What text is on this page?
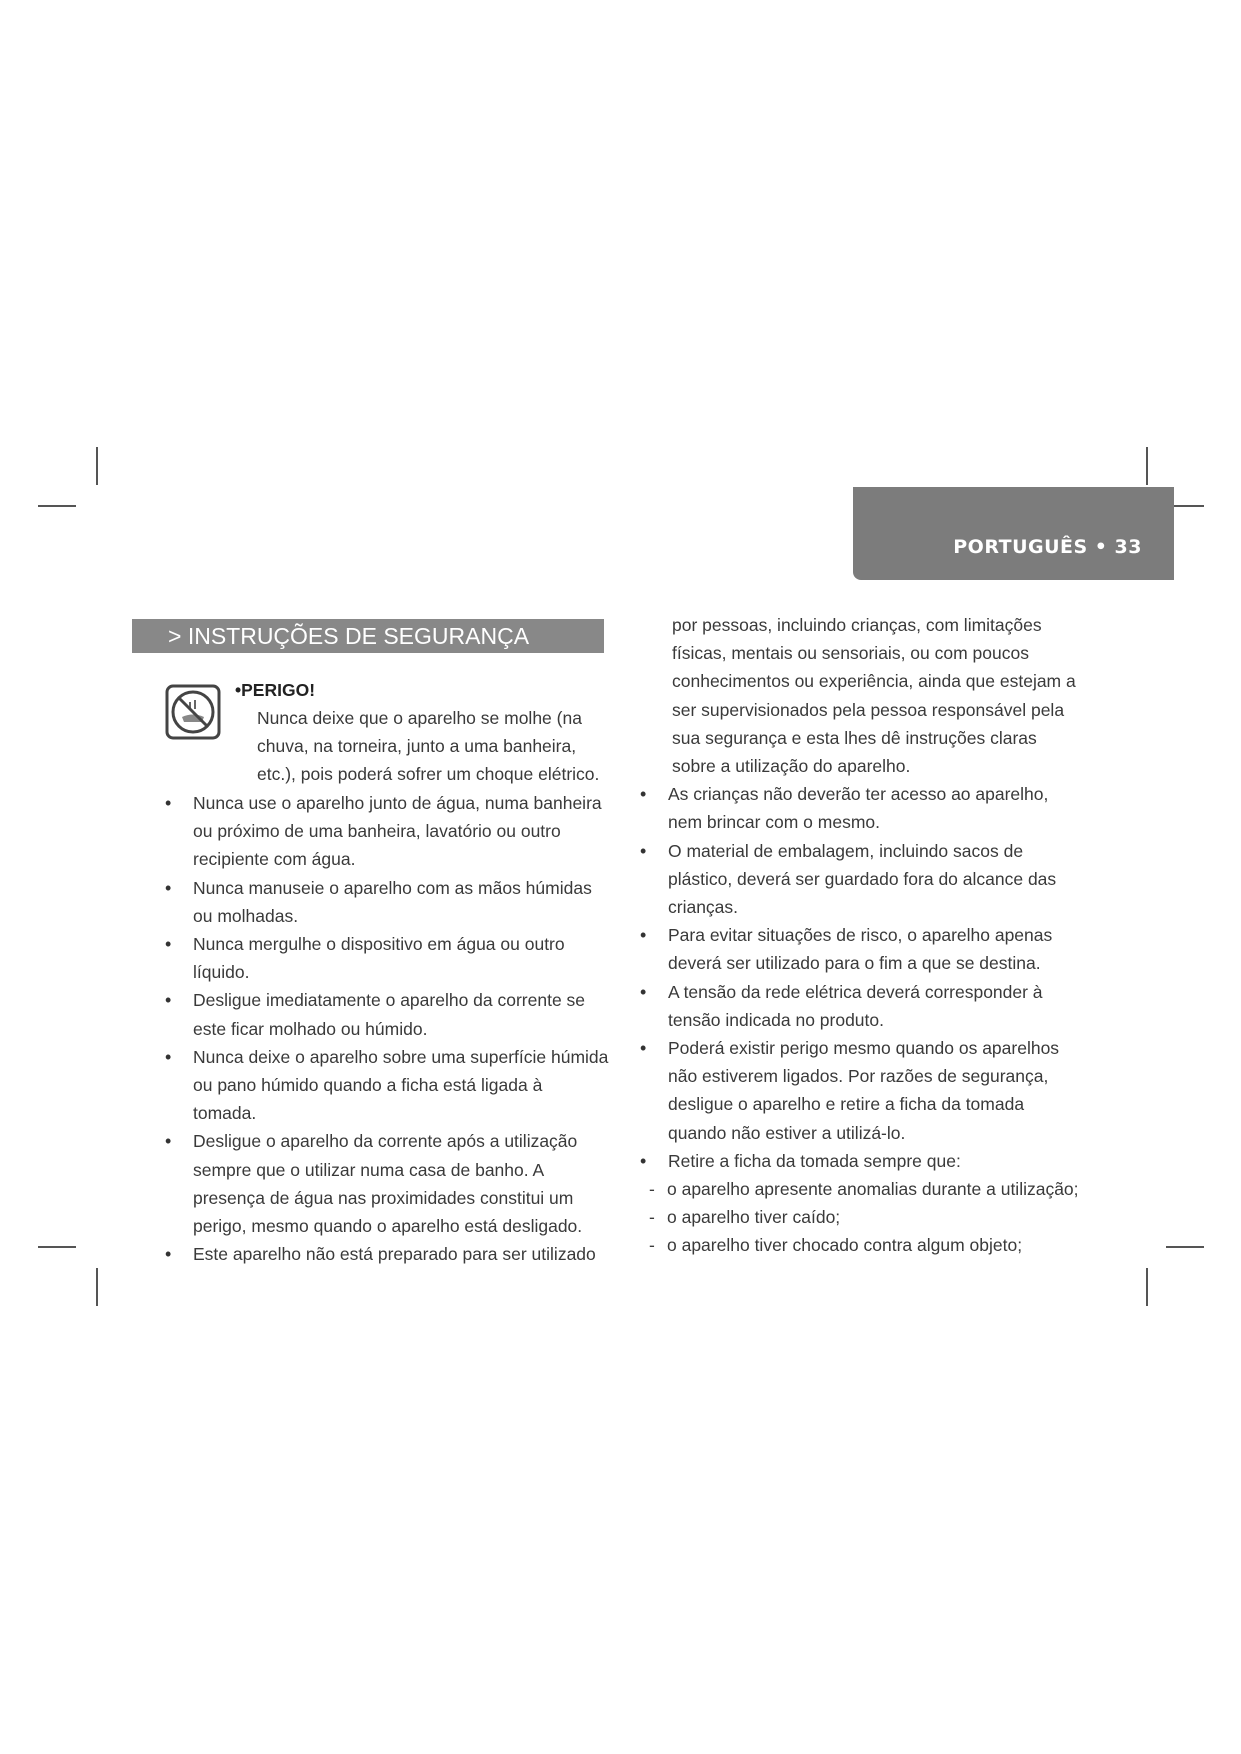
PORTUGUÊS • 33
> INSTRUÇÕES DE SEGURANÇA
•PERIGO!
Nunca deixe que o aparelho se molhe (na chuva, na torneira, junto a uma banheira, etc.), pois poderá sofrer um choque elétrico.
• Nunca use o aparelho junto de água, numa banheira ou próximo de uma banheira, lavatório ou outro recipiente com água.
• Nunca manuseie o aparelho com as mãos húmidas ou molhadas.
• Nunca mergulhe o dispositivo em água ou outro líquido.
• Desligue imediatamente o aparelho da corrente se este ficar molhado ou húmido.
• Nunca deixe o aparelho sobre uma superfície húmida ou pano húmido quando a ficha está ligada à tomada.
• Desligue o aparelho da corrente após a utilização sempre que o utilizar numa casa de banho. A presença de água nas proximidades constitui um perigo, mesmo quando o aparelho está desligado.
• Este aparelho não está preparado para ser utilizado
por pessoas, incluindo crianças, com limitações físicas, mentais ou sensoriais, ou com poucos conhecimentos ou experiência, ainda que estejam a ser supervisionados pela pessoa responsável pela sua segurança e esta lhes dê instruções claras sobre a utilização do aparelho.
• As crianças não deverão ter acesso ao aparelho, nem brincar com o mesmo.
• O material de embalagem, incluindo sacos de plástico, deverá ser guardado fora do alcance das crianças.
• Para evitar situações de risco, o aparelho apenas deverá ser utilizado para o fim a que se destina.
• A tensão da rede elétrica deverá corresponder à tensão indicada no produto.
• Poderá existir perigo mesmo quando os aparelhos não estiverem ligados. Por razões de segurança, desligue o aparelho e retire a ficha da tomada quando não estiver a utilizá-lo.
• Retire a ficha da tomada sempre que:
- o aparelho apresente anomalias durante a utilização;
- o aparelho tiver caído;
- o aparelho tiver chocado contra algum objeto;
